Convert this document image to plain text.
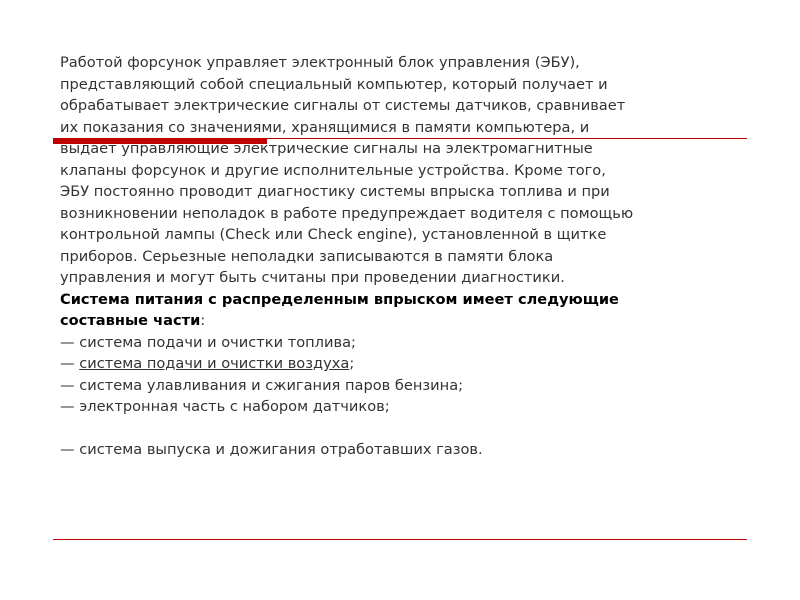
Работой форсунок управляет электронный блок управления (ЭБУ),

представляющий собой специальный компьютер, который получает и

обрабатывает электрические сигналы от системы датчиков, сравнивает

их показания со значениями, хранящимися в памяти компьютера, и

выдает управляющие электрические сигналы на электромагнитные

клапаны форсунок и другие исполнительные устройства. Кроме того,

ЭБУ постоянно проводит диагностику системы впрыска топлива и при

возникновении неполадок в работе предупреждает водителя с помощью

контрольной лампы (Check или Check engine), установленной в щитке

приборов. Серьезные неполадки записываются в памяти блока

управления и могут быть считаны при проведении диагностики.

Система питания с распределенным впрыском имеет следующие

составные части:

— система подачи и очистки топлива;
— система подачи и очистки воздуха;
— система улавливания и сжигания паров бензина;
— электронная часть с набором датчиков;
— система выпуска и дожигания отработавших газов.
